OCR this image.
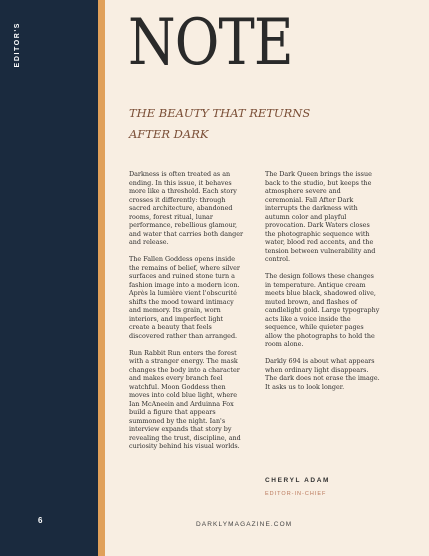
EDITOR'S
6
NOTE
THE BEAUTY THAT RETURNS
AFTER DARK

Darkness is often treated as an ending. In this issue, it behaves more like a threshold. Each story crosses it differently: through sacred architecture, abandoned rooms, forest ritual, lunar performance, rebellious glamour, and water that carries both danger and release.

The Fallen Goddess opens inside the remains of belief, where silver surfaces and ruined stone turn a fashion image into a modern icon. Après la lumière vient l'obscurité shifts the mood toward intimacy and memory. Its grain, worn interiors, and imperfect light create a beauty that feels discovered rather than arranged.

Run Rabbit Run enters the forest with a stranger energy. The mask changes the body into a character and makes every branch feel watchful. Moon Goddess then moves into cold blue light, where Ian McAneein and Arduinna Fox build a figure that appears summoned by the night. Ian's interview expands that story by revealing the trust, discipline, and curiosity behind his visual worlds.

The Dark Queen brings the issue back to the studio, but keeps the atmosphere severe and ceremonial. Fall After Dark interrupts the darkness with autumn color and playful provocation. Dark Waters closes the photographic sequence with water, blood red accents, and the tension between vulnerability and control.

The design follows these changes in temperature. Antique cream meets blue black, shadowed olive, muted brown, and flashes of candlelight gold. Large typography acts like a voice inside the sequence, while quieter pages allow the photographs to hold the room alone.

Darkly 694 is about what appears when ordinary light disappears. The dark does not erase the image. It asks us to look longer.

CHERYL ADAM
EDITOR-IN-CHIEF
DARKLYMAGAZINE.COM
